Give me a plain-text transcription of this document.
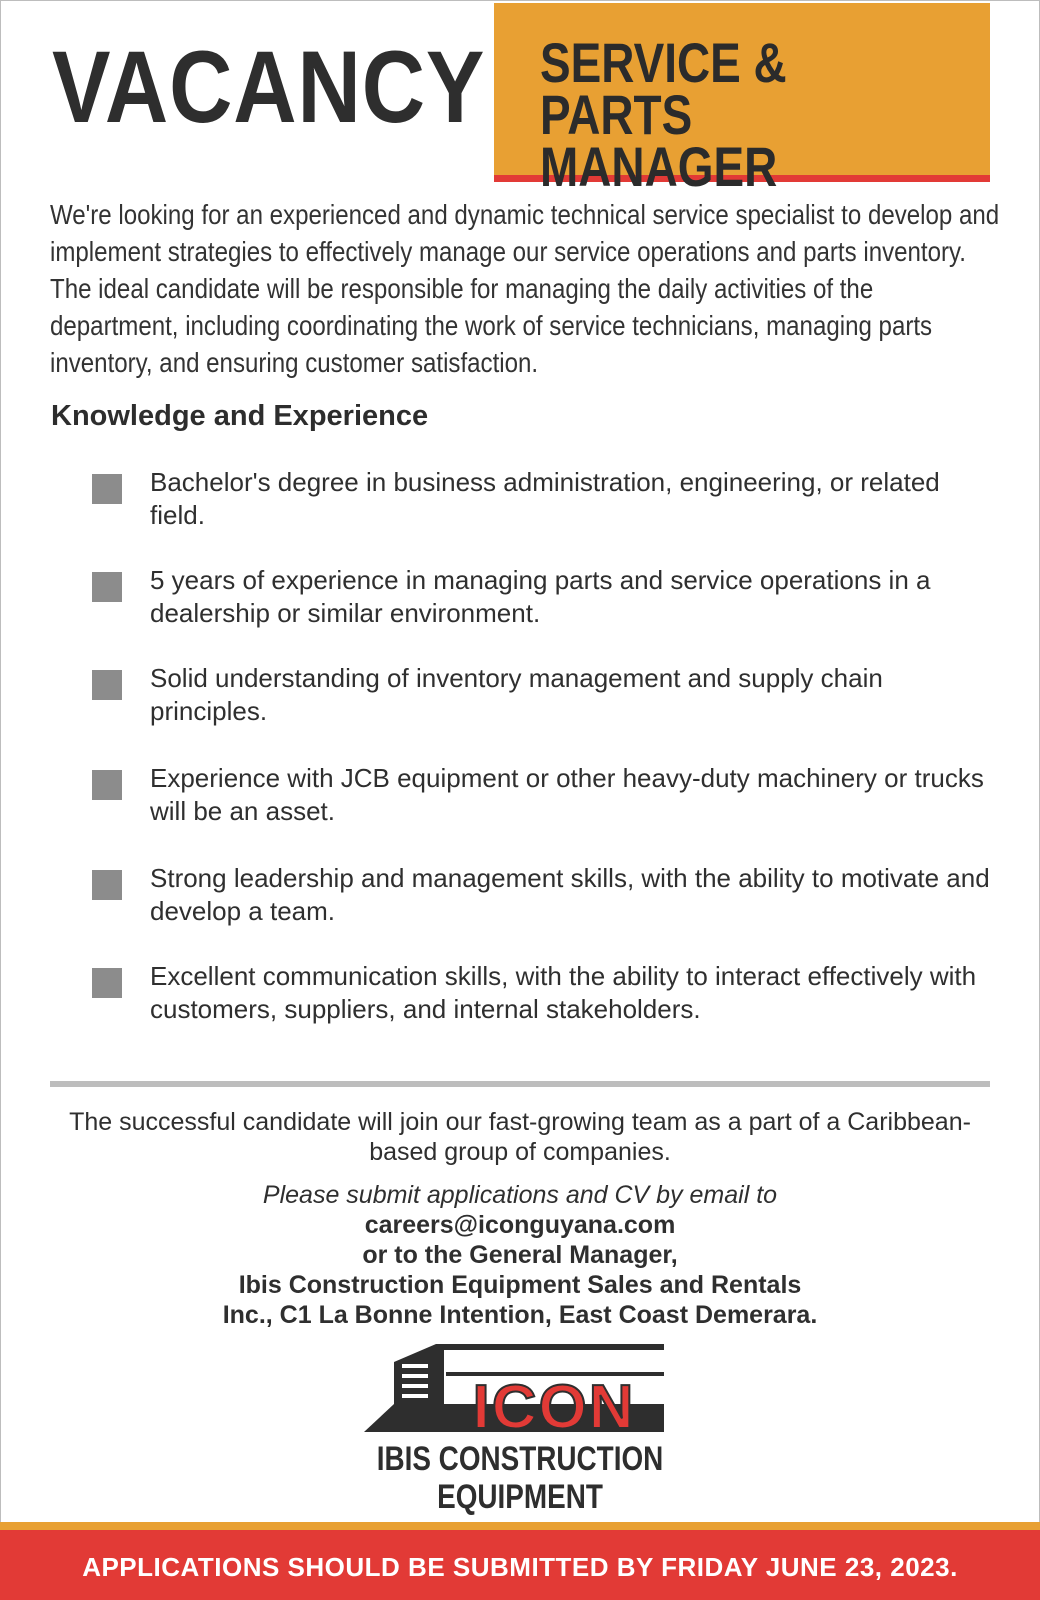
VACANCY SERVICE & PARTS
MANAGER
We're looking for an experienced and dynamic technical service specialist to develop and implement strategies to effectively manage our service operations and parts inventory. The ideal candidate will be responsible for managing the daily activities of the department, including coordinating the work of service technicians, managing parts inventory, and ensuring customer satisfaction.
Knowledge and Experience
Bachelor's degree in business administration, engineering, or related field.
5 years of experience in managing parts and service operations in a dealership or similar environment.
Solid understanding of inventory management and supply chain principles.
Experience with JCB equipment or other heavy-duty machinery or trucks will be an asset.
Strong leadership and management skills, with the ability to motivate and develop a team.
Excellent communication skills, with the ability to interact effectively with customers, suppliers, and internal stakeholders.
The successful candidate will join our fast-growing team as a part of a Caribbean-based group of companies.
Please submit applications and CV by email to
careers@iconguyana.com
or to the General Manager,
Ibis Construction Equipment Sales and Rentals
Inc., C1 La Bonne Intention, East Coast Demerara.
ICON
IBIS CONSTRUCTION EQUIPMENT
APPLICATIONS SHOULD BE SUBMITTED BY FRIDAY JUNE 23, 2023.
